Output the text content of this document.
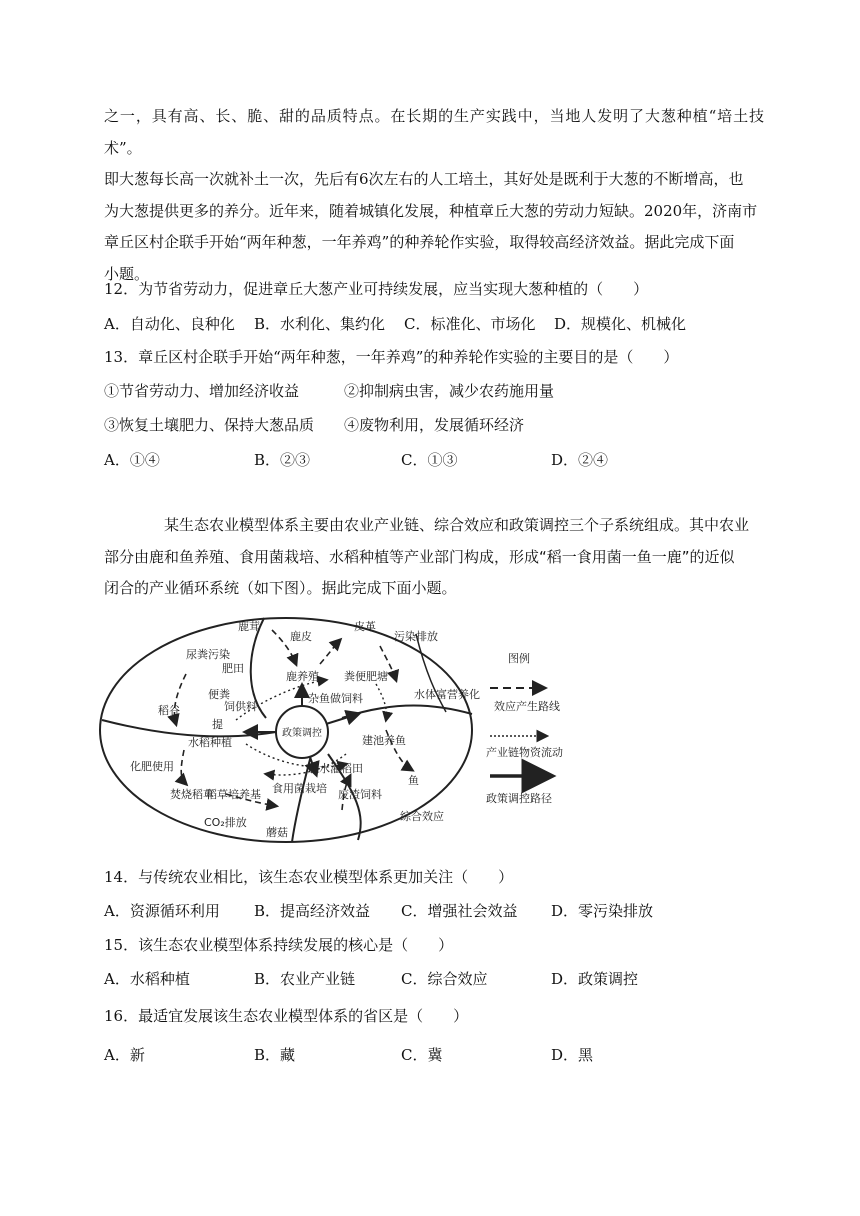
之一，具有高、长、脆、甜的品质特点。在长期的生产实践中，当地人发明了大葱种植“培土技术”。

即大葱每长高一次就补土一次，先后有6次左右的人工培土，其好处是既利于大葱的不断增高，也

为大葱提供更多的养分。近年来，随着城镇化发展，种植章丘大葱的劳动力短缺。2020年，济南市

章丘区村企联手开始“两年种葱，一年养鸡”的种养轮作实验，取得较高经济效益。据此完成下面

小题。

12．为节省劳动力，促进章丘大葱产业可持续发展，应当实现大葱种植的（　　）
A．自动化、良种化 B．水利化、集约化 C．标准化、市场化 D．规模化、机械化
13．章丘区村企联手开始“两年种葱，一年养鸡”的种养轮作实验的主要目的是（　　）
①节省劳动力、增加经济收益	②抑制病虫害，减少农药施用量
③恢复土壤肥力、保持大葱品质 ④废物利用，发展循环经济
A．①④	B．②③	C．①③	D．②④

某生态农业模型体系主要由农业产业链、综合效应和政策调控三个子系统组成。其中农业

部分由鹿和鱼养殖、食用菌栽培、水稻种植等产业部门构成，形成“稻一食用菌一鱼一鹿”的近似

闭合的产业循环系统（如下图）。据此完成下面小题。

鹿茸
鹿皮
皮革
污染排放
尿粪污染
肥田
鹿养殖 粪便肥塘
便粪
饲供料
杂鱼做饲料	水体富营养化
稻谷
提
水稻种植
政策调控
建池养鱼
化肥使用	肥水灌稻田
鱼
焚烧稻草
稻草培养基 食用菌栽培 废渣饲料
CO₂排放
蘑菇
综合效应
图例
效应产生路线
产业链物资流动
政策调控路径
14．与传统农业相比，该生态农业模型体系更加关注（　　）
A．资源循环利用 B．提高经济效益 C．增强社会效益 D．零污染排放
15．该生态农业模型体系持续发展的核心是（　　）
A．水稻种植	B．农业产业链	C．综合效应	D．政策调控
16．最适宜发展该生态农业模型体系的省区是（　　）
A．新	B．藏	C．冀	D．黑
